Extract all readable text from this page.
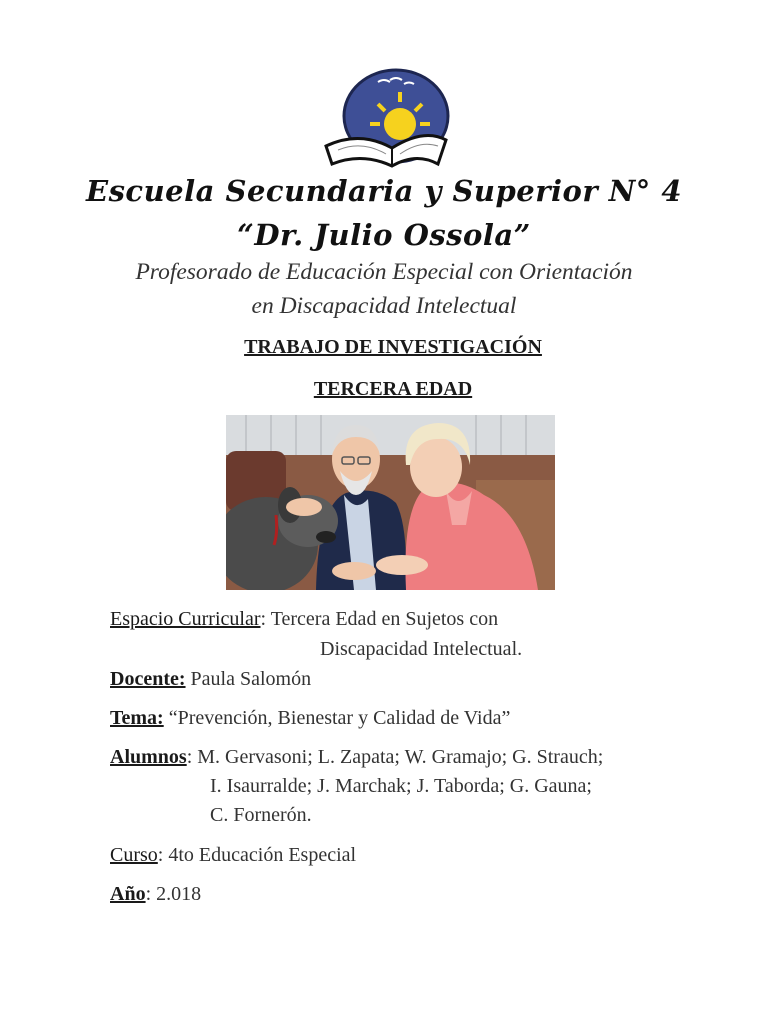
Escuela Secundaria y Superior N° 4
“Dr. Julio Ossola”
Profesorado de Educación Especial con Orientación
en Discapacidad Intelectual
TRABAJO DE INVESTIGACIÓN
TERCERA EDAD
Espacio Curricular: Tercera Edad en Sujetos con
Discapacidad Intelectual.
Docente: Paula Salomón
Tema: “Prevención, Bienestar y Calidad de Vida”
Alumnos: M. Gervasoni; L. Zapata; W. Gramajo; G. Strauch;
I. Isaurralde; J. Marchak; J. Taborda; G. Gauna;
C. Fornerón.
Curso: 4to Educación Especial
Año: 2.018
